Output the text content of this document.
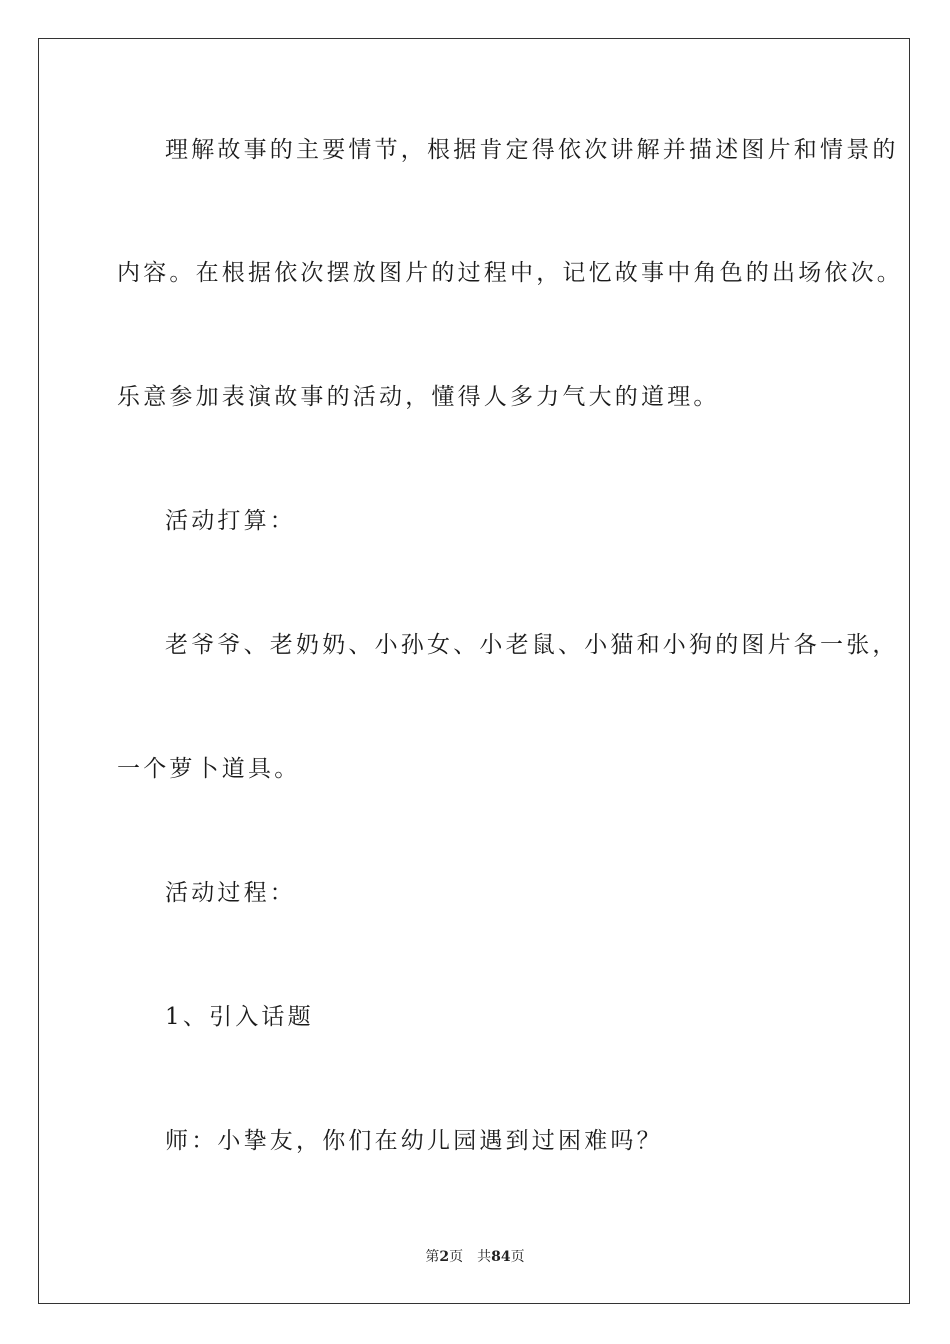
理解故事的主要情节，根据肯定得依次讲解并描述图片和情景的
内容。在根据依次摆放图片的过程中，记忆故事中角色的出场依次。
乐意参加表演故事的活动，懂得人多力气大的道理。
活动打算：
老爷爷、老奶奶、小孙女、小老鼠、小猫和小狗的图片各一张，
一个萝卜道具。
活动过程：
1、引入话题
师：小挚友，你们在幼儿园遇到过困难吗？
第2页 共84页
